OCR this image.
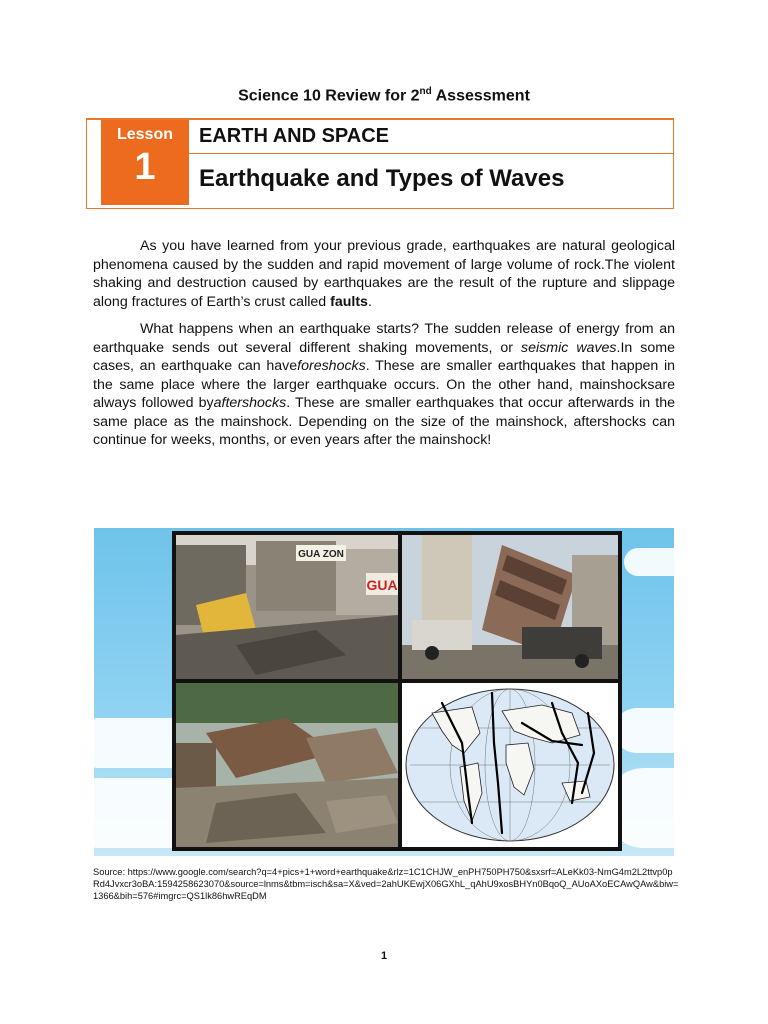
Science 10 Review for 2nd Assessment
Lesson
1
EARTH AND SPACE
Earthquake and Types of Waves
As you have learned from your previous grade, earthquakes are natural geological phenomena caused by the sudden and rapid movement of large volume of rock.The violent shaking and destruction caused by earthquakes are the result of the rupture and slippage along fractures of Earth’s crust called faults.
What happens when an earthquake starts? The sudden release of energy from an earthquake sends out several different shaking movements, or seismic waves.In some cases, an earthquake can haveforeshocks. These are smaller earthquakes that happen in the same place where the larger earthquake occurs. On the other hand, mainshocksare always followed byaftershocks. These are smaller earthquakes that occur afterwards in the same place as the mainshock. Depending on the size of the mainshock, aftershocks can continue for weeks, months, or even years after the mainshock!
GUA ZON
GUA
Source: https://www.google.com/search?q=4+pics+1+word+earthquake&rlz=1C1CHJW_enPH750PH750&sxsrf=ALeKk03-NmG4m2L2ttvp0pRd4Jvxcr3oBA:1594258623070&source=lnms&tbm=isch&sa=X&ved=2ahUKEwjX06GXhL_qAhU9xosBHYn0BqoQ_AUoAXoECAwQAw&biw=1366&bih=576#imgrc=QS1lk86hwREqDM
1
